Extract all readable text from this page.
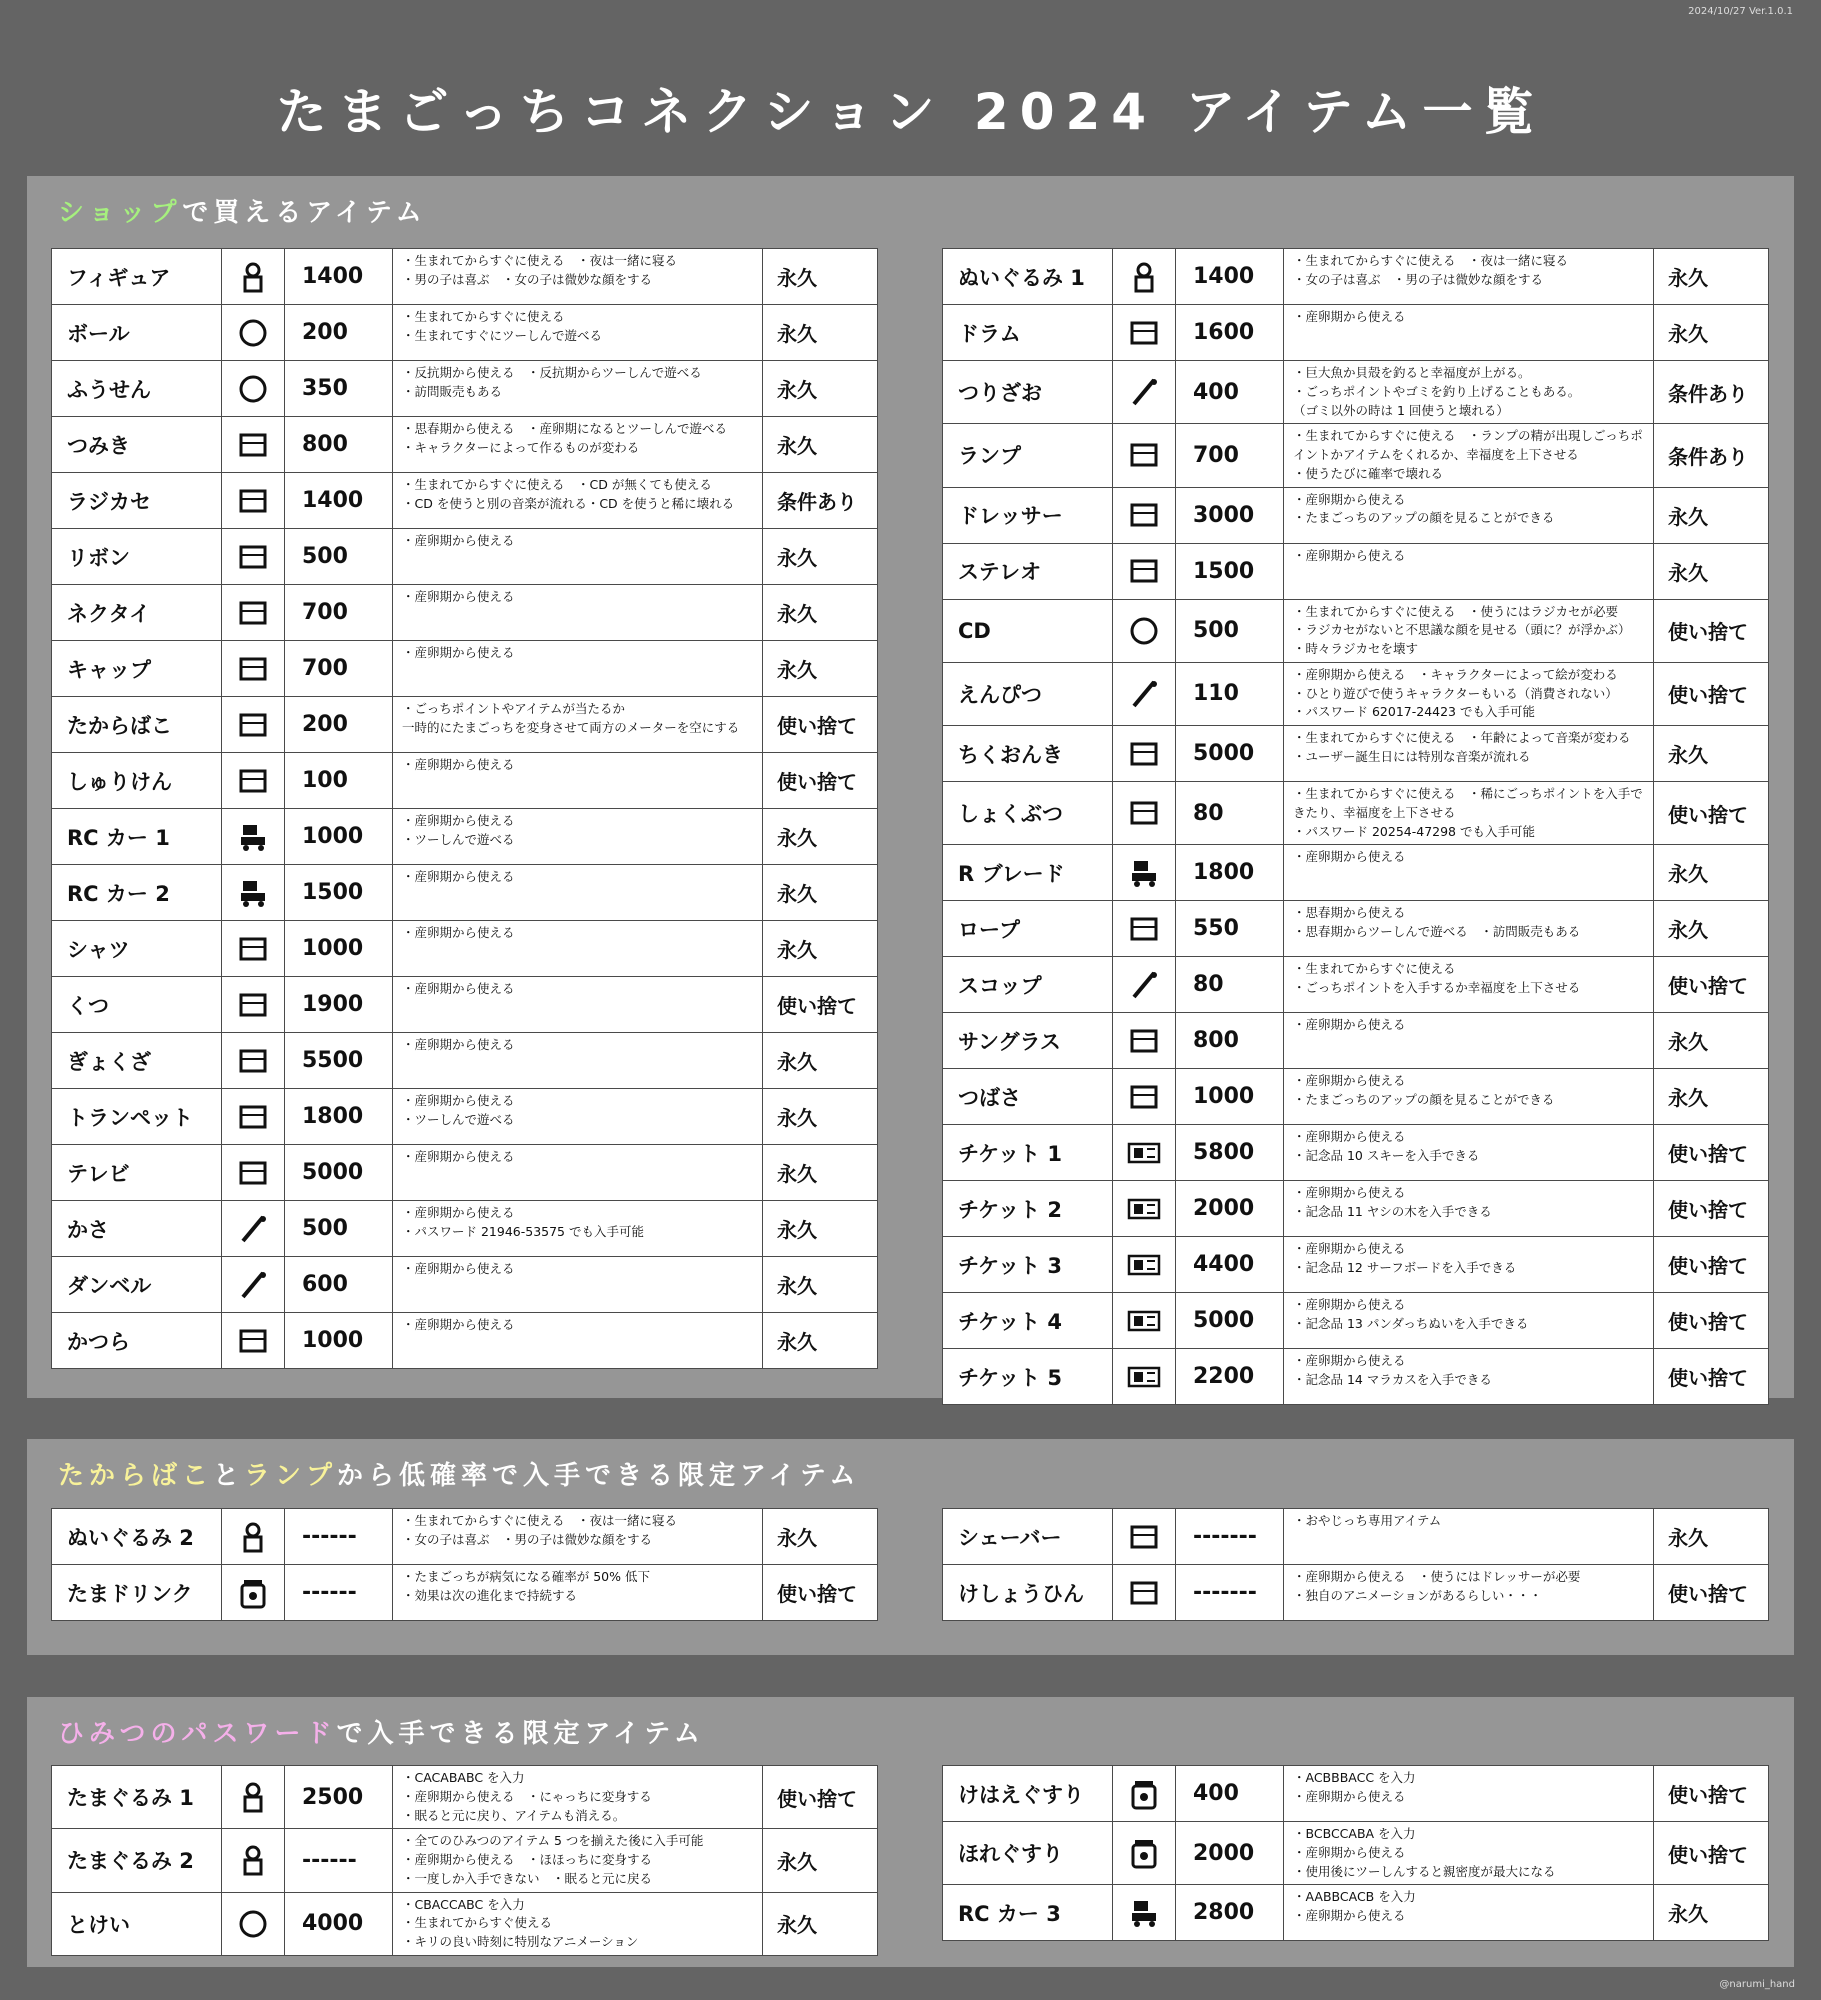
2024/10/27 Ver.1.0.1
たまごっちコネクション 2024 アイテム一覧
ショップで買えるアイテム
フィギュア		1400	・生まれてからすぐに使える　・夜は一緒に寝る
・男の子は喜ぶ　・女の子は微妙な顔をする	永久
ボール		200	・生まれてからすぐに使える
・生まれてすぐにツーしんで遊べる	永久
ふうせん		350	・反抗期から使える　・反抗期からツーしんで遊べる
・訪問販売もある	永久
つみき		800	・思春期から使える　・産卵期になるとツーしんで遊べる
・キャラクターによって作るものが変わる	永久
ラジカセ		1400	・生まれてからすぐに使える　・CD が無くても使える
・CD を使うと別の音楽が流れる・CD を使うと稀に壊れる	条件あり
リボン		500	・産卵期から使える	永久
ネクタイ		700	・産卵期から使える	永久
キャップ		700	・産卵期から使える	永久
たからばこ		200	・ごっちポイントやアイテムが当たるか
一時的にたまごっちを変身させて両方のメーターを空にする	使い捨て
しゅりけん		100	・産卵期から使える	使い捨て
RC カー 1		1000	・産卵期から使える
・ツーしんで遊べる	永久
RC カー 2		1500	・産卵期から使える	永久
シャツ		1000	・産卵期から使える	永久
くつ		1900	・産卵期から使える	使い捨て
ぎょくざ		5500	・産卵期から使える	永久
トランペット		1800	・産卵期から使える
・ツーしんで遊べる	永久
テレビ		5000	・産卵期から使える	永久
かさ		500	・産卵期から使える
・パスワード 21946-53575 でも入手可能	永久
ダンベル		600	・産卵期から使える	永久
かつら		1000	・産卵期から使える	永久
ぬいぐるみ 1		1400	・生まれてからすぐに使える　・夜は一緒に寝る
・女の子は喜ぶ　・男の子は微妙な顔をする	永久
ドラム		1600	・産卵期から使える	永久
つりざお		400	・巨大魚か貝殻を釣ると幸福度が上がる。
・ごっちポイントやゴミを釣り上げることもある。
（ゴミ以外の時は 1 回使うと壊れる）	条件あり
ランプ		700	・生まれてからすぐに使える　・ランプの精が出現しごっちポイントかアイテムをくれるか、幸福度を上下させる
・使うたびに確率で壊れる	条件あり
ドレッサー		3000	・産卵期から使える
・たまごっちのアップの顔を見ることができる	永久
ステレオ		1500	・産卵期から使える	永久
CD		500	・生まれてからすぐに使える　・使うにはラジカセが必要
・ラジカセがないと不思議な顔を見せる（頭に？が浮かぶ）
・時々ラジカセを壊す	使い捨て
えんぴつ		110	・産卵期から使える　・キャラクターによって絵が変わる
・ひとり遊びで使うキャラクターもいる（消費されない）
・パスワード 62017-24423 でも入手可能	使い捨て
ちくおんき		5000	・生まれてからすぐに使える　・年齢によって音楽が変わる
・ユーザー誕生日には特別な音楽が流れる	永久
しょくぶつ		80	・生まれてからすぐに使える　・稀にごっちポイントを入手できたり、幸福度を上下させる
・パスワード 20254-47298 でも入手可能	使い捨て
R ブレード		1800	・産卵期から使える	永久
ロープ		550	・思春期から使える
・思春期からツーしんで遊べる　・訪問販売もある	永久
スコップ		80	・生まれてからすぐに使える
・ごっちポイントを入手するか幸福度を上下させる	使い捨て
サングラス		800	・産卵期から使える	永久
つばさ		1000	・産卵期から使える
・たまごっちのアップの顔を見ることができる	永久
チケット 1		5800	・産卵期から使える
・記念品 10 スキーを入手できる	使い捨て
チケット 2		2000	・産卵期から使える
・記念品 11 ヤシの木を入手できる	使い捨て
チケット 3		4400	・産卵期から使える
・記念品 12 サーフボードを入手できる	使い捨て
チケット 4		5000	・産卵期から使える
・記念品 13 パンダっちぬいを入手できる	使い捨て
チケット 5		2200	・産卵期から使える
・記念品 14 マラカスを入手できる	使い捨て
たからばことランプから低確率で入手できる限定アイテム
ぬいぐるみ 2		------	・生まれてからすぐに使える　・夜は一緒に寝る
・女の子は喜ぶ　・男の子は微妙な顔をする	永久
たまドリンク		------	・たまごっちが病気になる確率が 50% 低下
・効果は次の進化まで持続する	使い捨て
シェーバー		-------	・おやじっち専用アイテム	永久
けしょうひん		-------	・産卵期から使える　・使うにはドレッサーが必要
・独自のアニメーションがあるらしい・・・	使い捨て
ひみつのパスワードで入手できる限定アイテム
たまぐるみ 1		2500	・CACABABC を入力
・産卵期から使える　・にゃっちに変身する
・眠ると元に戻り、アイテムも消える。	使い捨て
たまぐるみ 2		------	・全てのひみつのアイテム 5 つを揃えた後に入手可能
・産卵期から使える　・ほほっちに変身する
・一度しか入手できない　・眠ると元に戻る	永久
とけい		4000	・CBACCABC を入力
・生まれてからすぐ使える
・キリの良い時刻に特別なアニメーション	永久
けはえぐすり		400	・ACBBBACC を入力
・産卵期から使える	使い捨て
ほれぐすり		2000	・BCBCCABA を入力
・産卵期から使える
・使用後にツーしんすると親密度が最大になる	使い捨て
RC カー 3		2800	・AABBCACB を入力
・産卵期から使える	永久
@narumi_hand
